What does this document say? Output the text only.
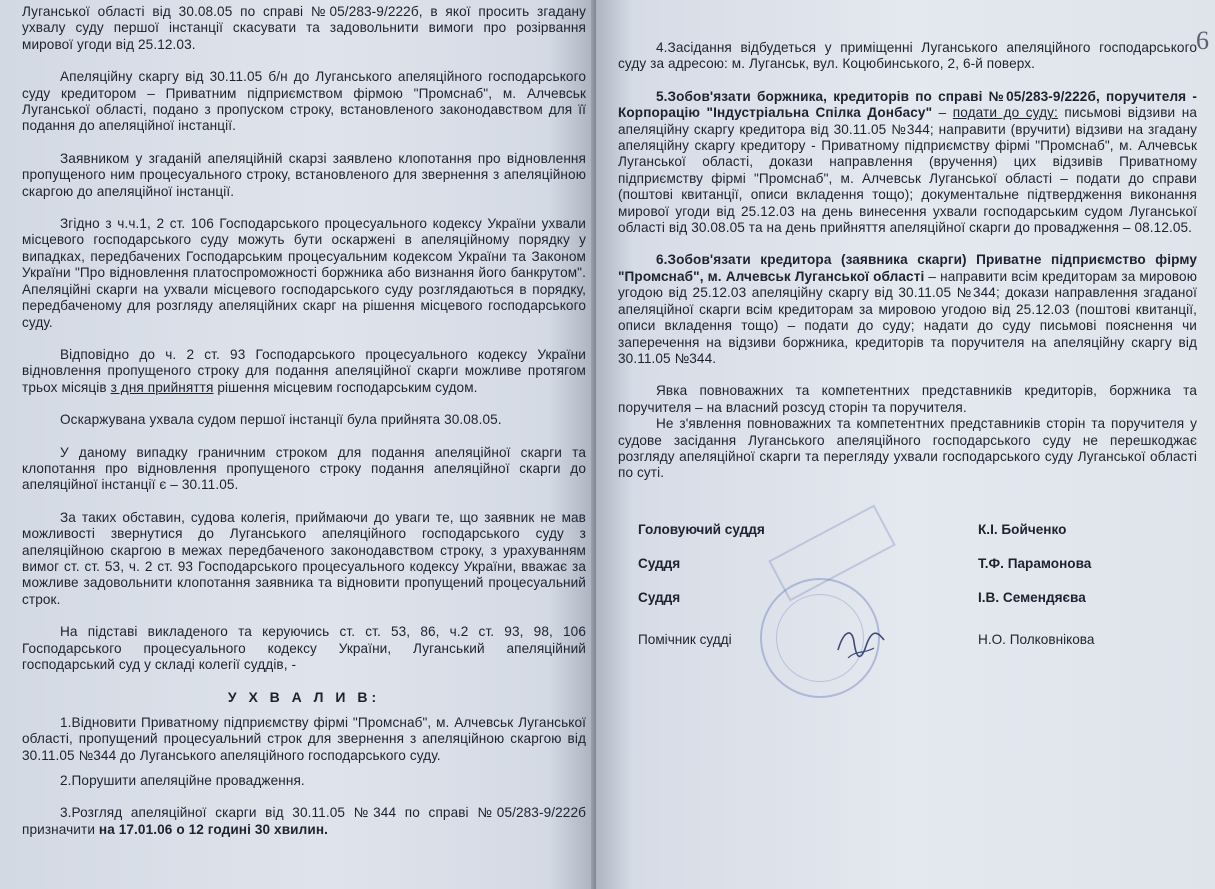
Луганської області від 30.08.05 по справі №05/283-9/222б, в якої просить згадану ухвалу суду першої інстанції скасувати та задовольнити вимоги про розірвання мирової угоди від 25.12.03.

Апеляційну скаргу від 30.11.05 б/н до Луганського апеляційного господарського суду кредитором – Приватним підприємством фірмою "Промснаб", м. Алчевськ Луганської області, подано з пропуском строку, встановленого законодавством для її подання до апеляційної інстанції.

Заявником у згаданій апеляційній скарзі заявлено клопотання про відновлення пропущеного ним процесуального строку, встановленого для звернення з апеляційною скаргою до апеляційної інстанції.

Згідно з ч.ч.1, 2 ст. 106 Господарського процесуального кодексу України ухвали місцевого господарського суду можуть бути оскаржені в апеляційному порядку у випадках, передбачених Господарським процесуальним кодексом України та Законом України "Про відновлення платоспроможності боржника або визнання його банкрутом". Апеляційні скарги на ухвали місцевого господарського суду розглядаються в порядку, передбаченому для розгляду апеляційних скарг на рішення місцевого господарського суду.

Відповідно до ч. 2 ст. 93 Господарського процесуального кодексу України відновлення пропущеного строку для подання апеляційної скарги можливе протягом трьох місяців з дня прийняття рішення місцевим господарським судом.

Оскаржувана ухвала судом першої інстанції була прийнята 30.08.05.

У даному випадку граничним строком для подання апеляційної скарги та клопотання про відновлення пропущеного строку подання апеляційної скарги до апеляційної інстанції є – 30.11.05.

За таких обставин, судова колегія, приймаючи до уваги те, що заявник не мав можливості звернутися до Луганського апеляційного господарського суду з апеляційною скаргою в межах передбаченого законодавством строку, з урахуванням вимог ст. ст. 53, ч. 2 ст. 93 Господарського процесуального кодексу України, вважає за можливе задовольнити клопотання заявника та відновити пропущений процесуальний строк.

На підставі викладеного та керуючись ст. ст. 53, 86, ч.2 ст. 93, 98, 106 Господарського процесуального кодексу України, Луганський апеляційний господарський суд у складі колегії суддів, -

У Х В А Л И В:

1.Відновити Приватному підприємству фірмі "Промснаб", м. Алчевськ Луганської області, пропущений процесуальний строк для звернення з апеляційною скаргою від 30.11.05 №344 до Луганського апеляційного господарського суду.

2.Порушити апеляційне провадження.

3.Розгляд апеляційної скарги від 30.11.05 №344 по справі №05/283-9/222б призначити на 17.01.06 о 12 годині 30 хвилин.

6

4.Засідання відбудеться у приміщенні Луганського апеляційного господарського суду за адресою: м. Луганськ, вул. Коцюбинського, 2, 6-й поверх.

5.Зобов'язати боржника, кредиторів по справі №05/283-9/222б, поручителя - Корпорацію "Індустріальна Спілка Донбасу" – подати до суду: письмові відзиви на апеляційну скаргу кредитора від 30.11.05 №344; направити (вручити) відзиви на згадану апеляційну скаргу кредитору - Приватному підприємству фірмі "Промснаб", м. Алчевськ Луганської області, докази направлення (вручення) цих відзивів Приватному підприємству фірмі "Промснаб", м. Алчевськ Луганської області – подати до справи (поштові квитанції, описи вкладення тощо); документальне підтвердження виконання мирової угоди від 25.12.03 на день винесення ухвали господарським судом Луганської області від 30.08.05 та на день прийняття апеляційної скарги до провадження – 08.12.05.

6.Зобов'язати кредитора (заявника скарги) Приватне підприємство фірму "Промснаб", м. Алчевськ Луганської області – направити всім кредиторам за мировою угодою від 25.12.03 апеляційну скаргу від 30.11.05 №344; докази направлення згаданої апеляційної скарги всім кредиторам за мировою угодою від 25.12.03 (поштові квитанції, описи вкладення тощо) – подати до суду; надати до суду письмові пояснення чи заперечення на відзиви боржника, кредиторів та поручителя на апеляційну скаргу від 30.11.05 №344.

Явка повноважних та компетентних представників кредиторів, боржника та поручителя – на власний розсуд сторін та поручителя.

Не з'явлення повноважних та компетентних представників сторін та поручителя у судове засідання Луганського апеляційного господарського суду не перешкоджає розгляду апеляційної скарги та перегляду ухвали господарського суду Луганської області по суті.

Головуючий суддя	К.І. Бойченко
Суддя	Т.Ф. Парамонова
Суддя	І.В. Семендяєва
Помічник судді	Н.О. Полковнікова
